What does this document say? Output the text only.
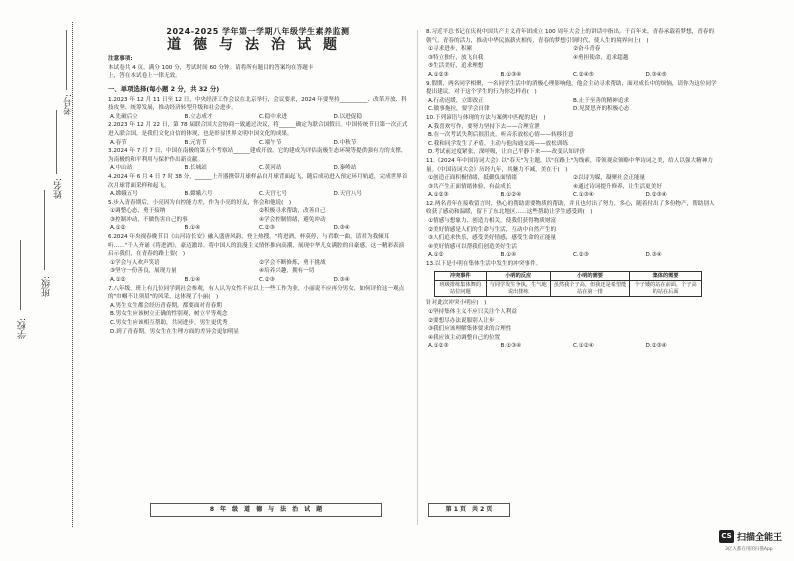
学校:
班级:
姓名:
考号:
2024-2025 学年第一学期八年级学生素养监测
道德与法治试题

注意事项:

本试卷共 4 页，满分 100 分，考试时间 60 分钟。请将所有题目的答案均在答题卡

上，答在本试卷上一律无效。

一、单项选择(每小题 2 分，共 32 分)

1.2023 年 12 月 11 日至 12 日，中央经济工作会议在北京举行，会议要求，2024 年要坚持__________、改革开放、科技攻坚、统筹发展，推动经济转型升级和社会进步。

A.先破后立	B.立志成才	C.稳中求进	D.以进促稳

2.2023 年 12 月 22 日，第 78 届联合国大会协商一致通过决议，将______确定为联合国假日。中国传统节日第一次正式进入联合国，是我们文化自信的体现，也是彰显世界文明中国文化的成果。

A.春节	B.元宵节	C.端午节	D.中秋节

3.2024 年 7 月 7 日，中国在南极的第五个考察站______建成开放。它的建成为评估南极生态环境等提供强有力的支撑，为南极的和平利用与保护作出新贡献。

A.中山站	B.长城站	C.黄河站	D.秦岭站

4.2024 年 6 月 4 日 7 时 38 分，______上升器携带月球样品自月球背面起飞，随后成功进入预定环月轨道，完成世界首次月球背面采样和起飞。

A.嫦娥五号	B.嫦娥六号	C.天宫七号	D.天宫八号

5.步入青春期后，小亮因为自控能力差，作为小亮的好友，你会和他说(　)

①调整心态，勇于接纳	②积极寻求帮助，改善自己
③控制冲动，不做伤害自己的事	④学会控制情绪，避免冲动
A.①②	B.①④	C.②③	D.③④

6.2024 年央视春晚节目《山河诗长安》融入盛唐风韵，登上热搜。"将进酒，杯莫停，与君歌一曲，请君为我倾耳听……"千人齐诵《将进酒》，豪迈激昂。将中国人的浪漫主义情怀推向高潮，展现中华儿女满腔的自豪感。这一精彩表演启示我们，在青春的路上要(　)

①学会与人欢声笑语	②学会不断修炼，勇于挑战
③坚守一份善良，展现力量	④培养兴趣，拥有一切
A.①②	B.①④	C.②③	D.③④

7.八年级，班上有几位同学到社会参观，有人认为女性不应以上一些工作为业，小丽说不应再分男女，如何评价这一观点的"巾帼不让须眉"的风采，这体现了小丽(　)

A.男生女生都会经历青春期，都要面对青春期

B.男女生应该树立正确的性别观，树立平等观念

C.男女生应该相互帮助，共同进步，男生更优秀

D.到了青春期，男女生在生理方面的差异会更加明显

8.习近平总书记在庆祝中国共产主义青年团成立 100 周年大会上的讲话中指出，千百年来，青春承载着梦想，青春的朝气、青春的活力，推动中华民族薪火相传，青春的梦想引领时代，使人生的境界向上(　)

①寻求进步，积累	②奋斗青春
③特立独行，放飞自我	④勇担使命，追求超越
⑤生活美好，追求理想
A.①②③	B.①③④	C.②④⑤	D.③④⑤

9.假期，两名同学相聚，一名同学生活中的消极心理影响他，他会主动寻求帮助，面对成长中的烦恼，请你为这位同学提出建议。对于这个学生的行为你怎样看(　)

A.行动迟缓，立即改正	B.止于至善的精神追求
C.做事拖拉，要学会自律	D.见贤思齐的积极心态

10.下列谚语与体现的方法与案例中匹配的是(　)

A.我喜欢写作，要努力坚持下去——合理宣泄

B.在一次考试失利后很沮丧，听音乐放松心情——转移注意

C.我和同学发生了矛盾，主动与他沟通交流——放松训练

D.考试前过度紧张，深呼吸，让自己平静下来——改变认知评价

11.《2024 年中国诗词大会》以"春天"为主题，以"在路上"为线索，带领观众领略中华诗词之美，给人以强大精神力量。《中国诗词大会》历经九年，其魅力不减，美在于(　)

①创造正面积极情绪，抵御负面情绪	②以诗为媒，凝聚社会正能量
③共产生正面情绪体验，有益成长	④通过诗词提升修养，让生活更美好
A.①②③	B.①②④	C.①③④	D.②③④

12.两名青年在接收留言时，热心的帮助需要物质的帮助，并且也付出了努力，多心，随着付出了多份物产，帮助别人收获了感动和温暖，留下了东北地区……这些帮助让学生感受到(　)

①情感与想象力、创造力相关，使我们获得物质财富

②美好情感是人们的生命与生活，互动中自然产生的

③人们追求快乐，感受美好情感，感受生命的正能量

④美好情感可以帮我们创造美好生活

A.①②	B.①④	C.②③	D.③④

13.以下是小明在集体生活中发生的冲突事件。

冲突事件	小明的反应	小明的需要	集体的需要
班级排练集体舞的站位问题	与同学发生争执，生气地说出排练	虽然我个子高，但我还是希望能站在第一排	个子矮的站在前面，个子高的站在后面

针对此次冲突小明应(　)

①坚持集体主义不应只关注个人利益

②要想尽办法说服别人让步

③我们应该理解集体要求的合理性

④我应该主动调整自己的位置

A.①②③	B.①③④	C.①②④	D.②③④
8 年 级 道 德 与 法 治 试 题	第 1 页　共 2 页
CS 扫描全能王
3亿人都在用的扫描App
